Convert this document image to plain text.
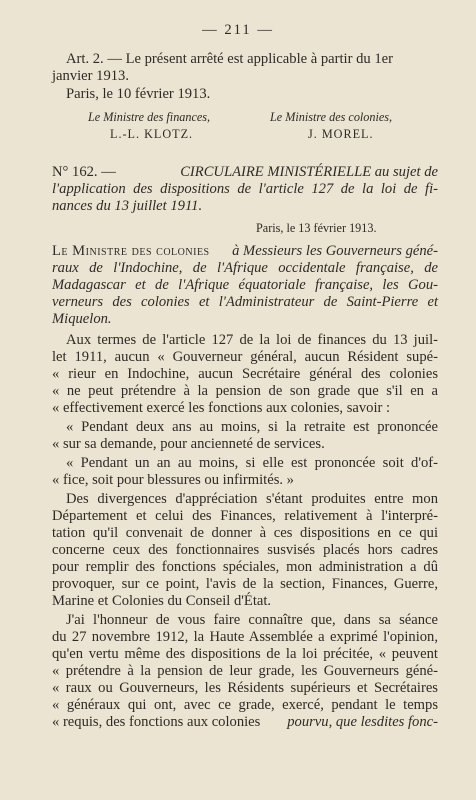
— 211 —
Art. 2. — Le présent arrêté est applicable à partir du 1er
janvier 1913.
Paris, le 10 février 1913.
Le Ministre des finances,	Le Ministre des colonies,
L.-L. KLOTZ.	J. MOREL.
N° 162. —	CIRCULAIRE MINISTÉRIELLE au sujet de
l'application des dispositions de l'article 127 de la loi de fi-
nances du 13 juillet 1911.
Paris, le 13 février 1913.
Le Ministre des colonies à Messieurs les Gouverneurs géné-
raux de l'Indochine, de l'Afrique occidentale française, de
Madagascar et de l'Afrique équatoriale française, les Gou-
verneurs des colonies et l'Administrateur de Saint-Pierre et
Miquelon.
Aux termes de l'article 127 de la loi de finances du 13 juil-
let 1911, aucun « Gouverneur général, aucun Résident supé-
« rieur en Indochine, aucun Secrétaire général des colonies
« ne peut prétendre à la pension de son grade que s'il en a
« effectivement exercé les fonctions aux colonies, savoir :
« Pendant deux ans au moins, si la retraite est prononcée
« sur sa demande, pour ancienneté de services.
« Pendant un an au moins, si elle est prononcée soit d'of-
« fice, soit pour blessures ou infirmités. »
Des divergences d'appréciation s'étant produites entre mon
Département et celui des Finances, relativement à l'interpré-
tation qu'il convenait de donner à ces dispositions en ce qui
concerne ceux des fonctionnaires susvisés placés hors cadres
pour remplir des fonctions spéciales, mon administration a dû
provoquer, sur ce point, l'avis de la section, Finances, Guerre,
Marine et Colonies du Conseil d'État.
J'ai l'honneur de vous faire connaître que, dans sa séance
du 27 novembre 1912, la Haute Assemblée a exprimé l'opinion,
qu'en vertu même des dispositions de la loi précitée, « peuvent
« prétendre à la pension de leur grade, les Gouverneurs géné-
« raux ou Gouverneurs, les Résidents supérieurs et Secrétaires
« généraux qui ont, avec ce grade, exercé, pendant le temps
« requis, des fonctions aux colonies pourvu, que lesdites fonc-
